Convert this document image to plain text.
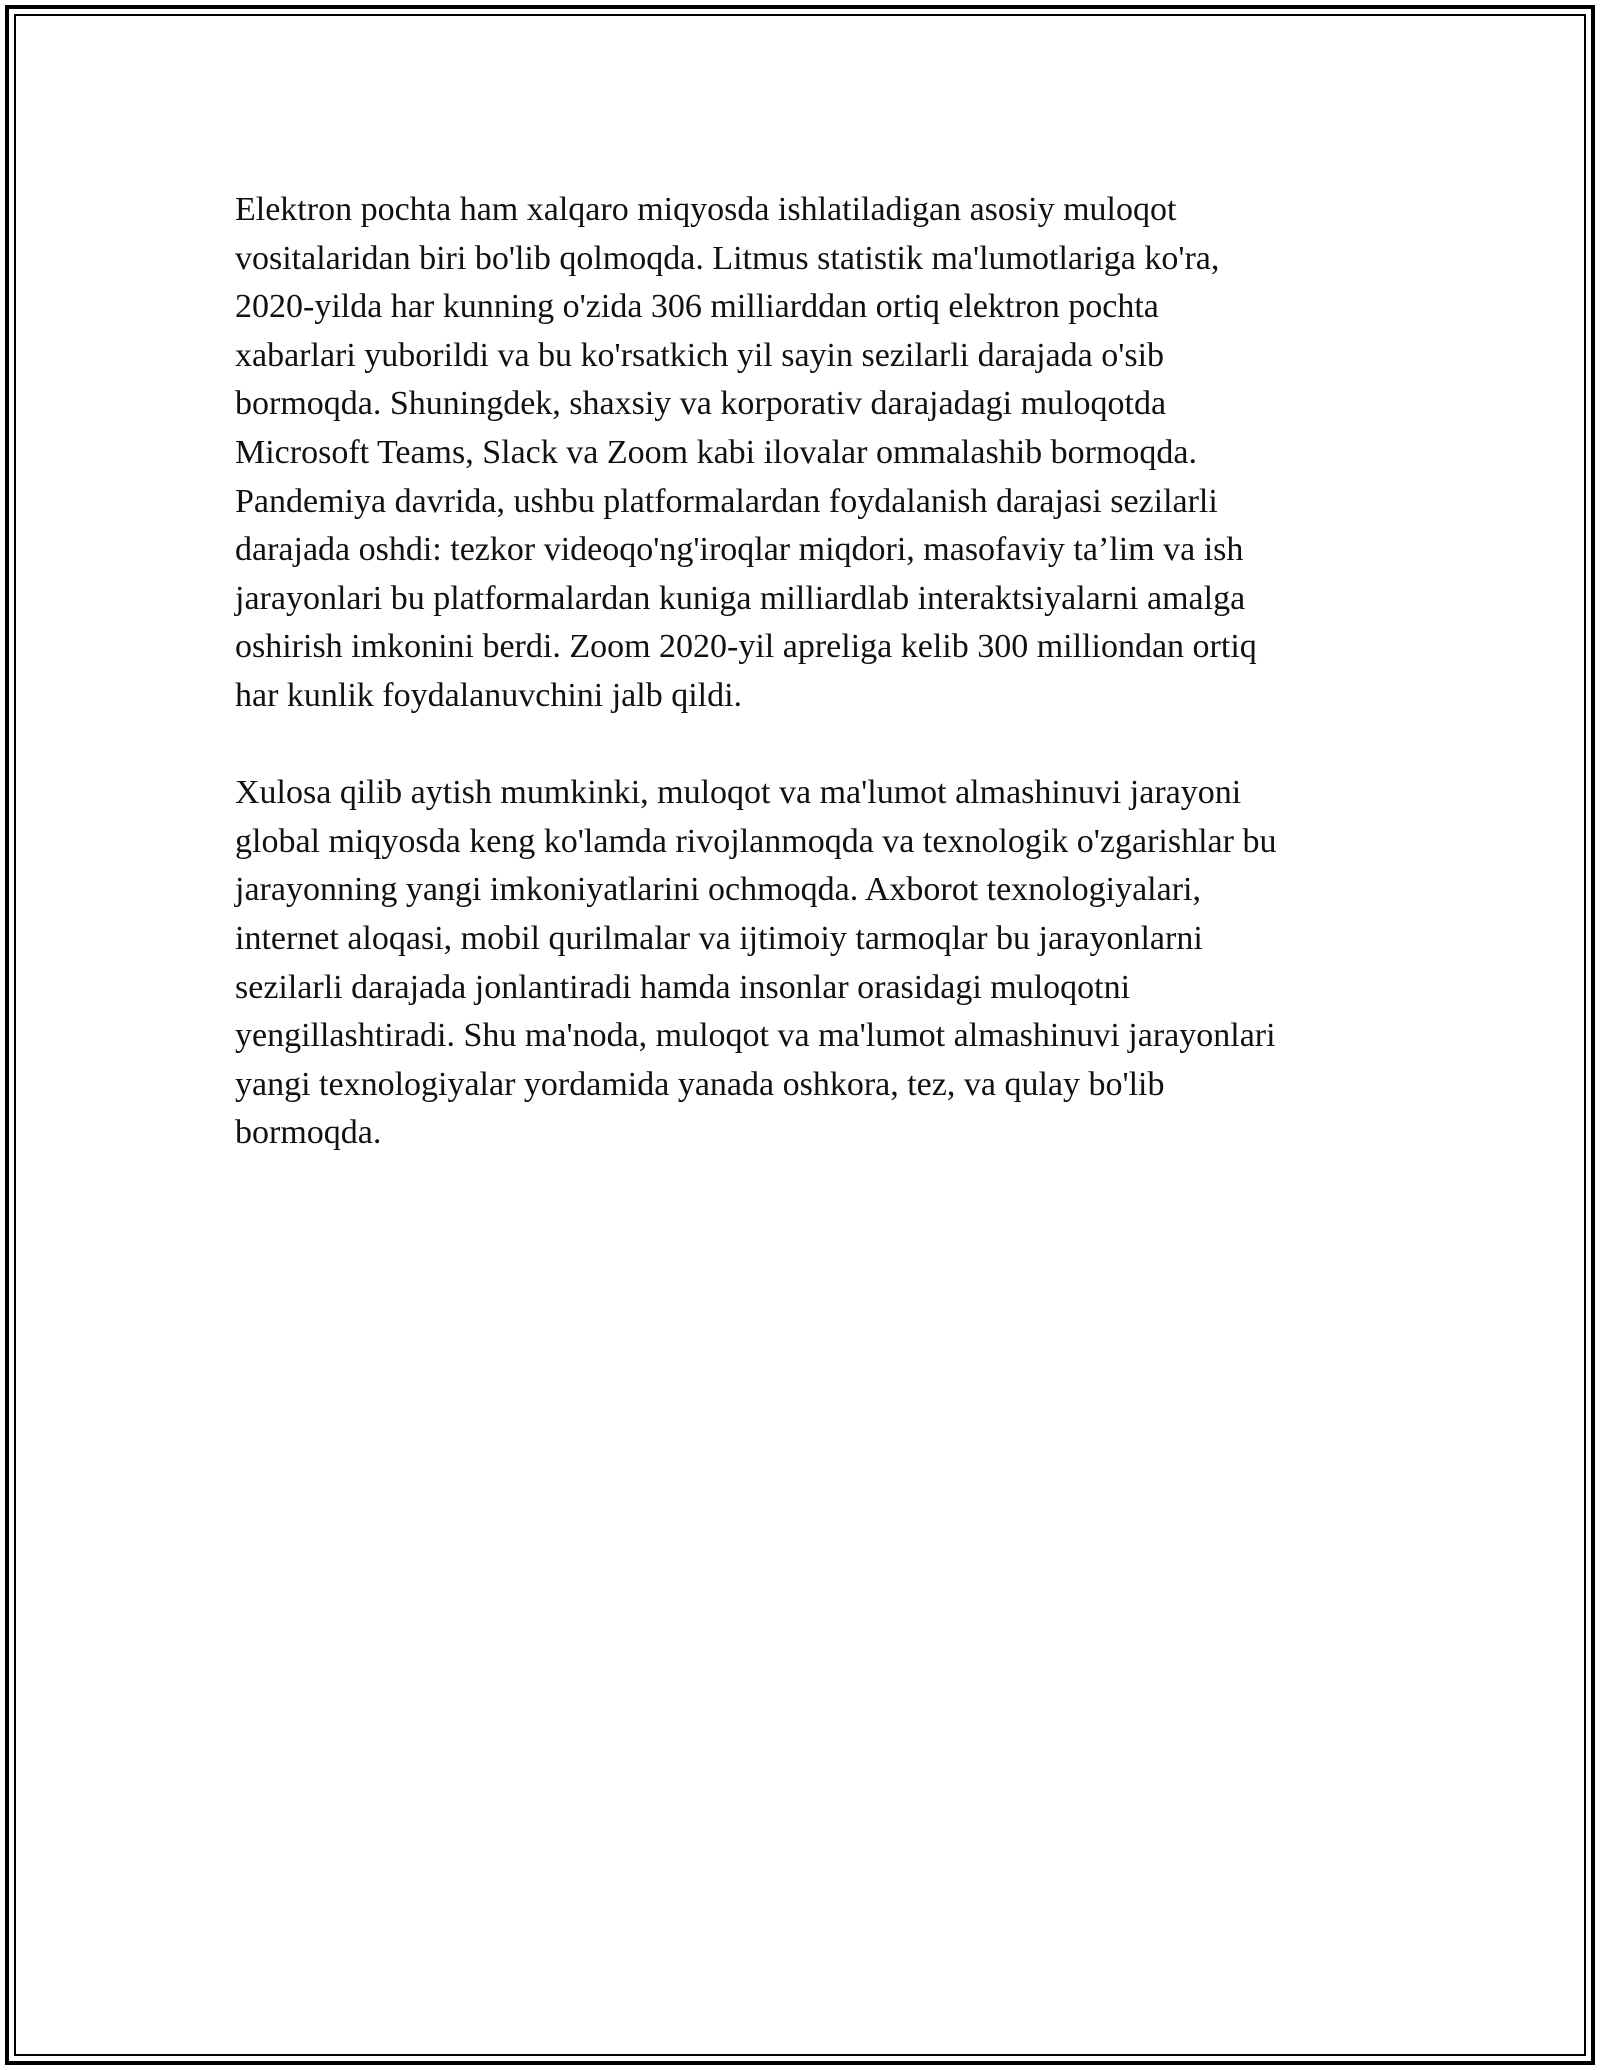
Elektron pochta ham xalqaro miqyosda ishlatiladigan asosiy muloqot
vositalaridan biri bo'lib qolmoqda. Litmus statistik ma'lumotlariga ko'ra,
2020-yilda har kunning o'zida 306 milliarddan ortiq elektron pochta
xabarlari yuborildi va bu ko'rsatkich yil sayin sezilarli darajada o'sib
bormoqda. Shuningdek, shaxsiy va korporativ darajadagi muloqotda
Microsoft Teams, Slack va Zoom kabi ilovalar ommalashib bormoqda.
Pandemiya davrida, ushbu platformalardan foydalanish darajasi sezilarli
darajada oshdi: tezkor videoqo'ng'iroqlar miqdori, masofaviy ta’lim va ish
jarayonlari bu platformalardan kuniga milliardlab interaktsiyalarni amalga
oshirish imkonini berdi. Zoom 2020-yil apreliga kelib 300 milliondan ortiq
har kunlik foydalanuvchini jalb qildi.

Xulosa qilib aytish mumkinki, muloqot va ma'lumot almashinuvi jarayoni
global miqyosda keng ko'lamda rivojlanmoqda va texnologik o'zgarishlar bu
jarayonning yangi imkoniyatlarini ochmoqda. Axborot texnologiyalari,
internet aloqasi, mobil qurilmalar va ijtimoiy tarmoqlar bu jarayonlarni
sezilarli darajada jonlantiradi hamda insonlar orasidagi muloqotni
yengillashtiradi. Shu ma'noda, muloqot va ma'lumot almashinuvi jarayonlari
yangi texnologiyalar yordamida yanada oshkora, tez, va qulay bo'lib
bormoqda.
